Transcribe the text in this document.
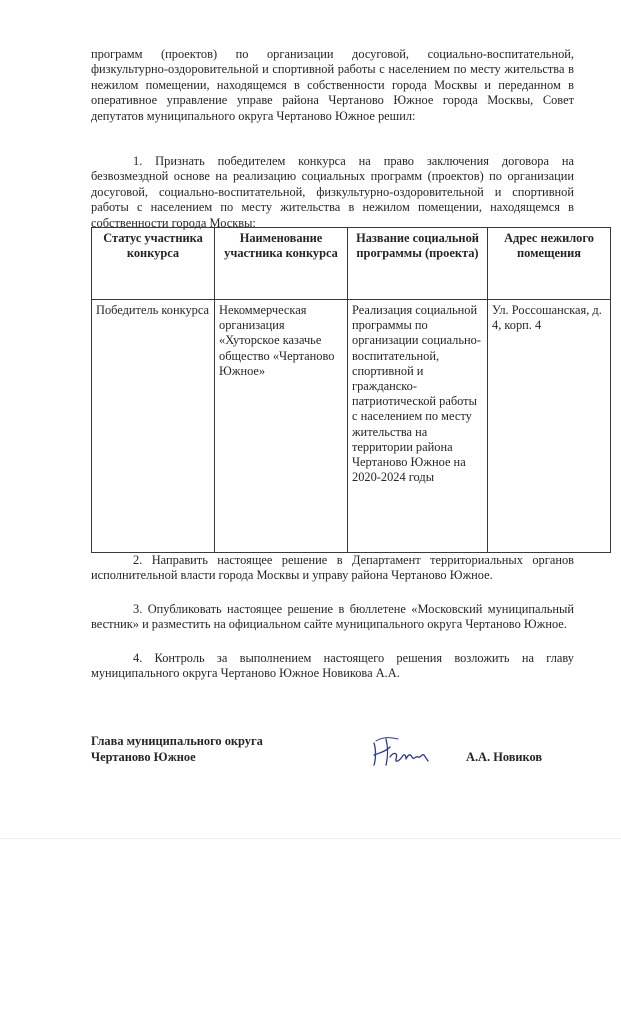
программ (проектов) по организации досуговой, социально-воспитательной, физкультурно-оздоровительной и спортивной работы с населением по месту жительства в нежилом помещении, находящемся в собственности города Москвы и переданном в оперативное управление управе района Чертаново Южное города Москвы, Совет депутатов муниципального округа Чертаново Южное решил:

1. Признать победителем конкурса на право заключения договора на безвозмездной основе на реализацию социальных программ (проектов) по организации досуговой, социально-воспитательной, физкультурно-оздоровительной и спортивной работы с населением по месту жительства в нежилом помещении, находящемся в собственности города Москвы:

Статус участника конкурса	Наименование участника конкурса	Название социальной программы (проекта)	Адрес нежилого помещения
Победитель конкурса	Некоммерческая организация «Хуторское казачье общество «Чертаново Южное»	Реализация социальной программы по организации социально-воспитательной, спортивной и гражданско-патриотической работы с населением по месту жительства на территории района Чертаново Южное на 2020-2024 годы	Ул. Россошанская, д. 4, корп. 4

2. Направить настоящее решение в Департамент территориальных органов исполнительной власти города Москвы и управу района Чертаново Южное.

3. Опубликовать настоящее решение в бюллетене «Московский муниципальный вестник» и разместить на официальном сайте муниципального округа Чертаново Южное.

4. Контроль за выполнением настоящего решения возложить на главу муниципального округа Чертаново Южное Новикова А.А.

Глава муниципального округа
Чертаново Южное	А.А. Новиков
